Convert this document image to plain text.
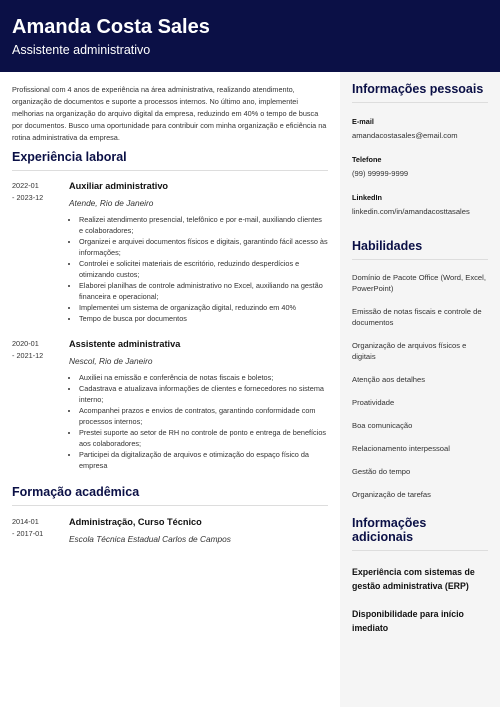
Amanda Costa Sales
Assistente administrativo

Profissional com 4 anos de experiência na área administrativa, realizando atendimento, organização de documentos e suporte a processos internos. No último ano, implementei melhorias na organização do arquivo digital da empresa, reduzindo em 40% o tempo de busca por documentos. Busco uma oportunidade para contribuir com minha organização e eficiência na rotina administrativa da empresa.

Experiência laboral
2022-01
- 2023-12
Auxiliar administrativo
Atende, Rio de Janeiro
• Realizei atendimento presencial, telefônico e por e-mail, auxiliando clientes e colaboradores;
• Organizei e arquivei documentos físicos e digitais, garantindo fácil acesso às informações;
• Controlei e solicitei materiais de escritório, reduzindo desperdícios e otimizando custos;
• Elaborei planilhas de controle administrativo no Excel, auxiliando na gestão financeira e operacional;
• Implementei um sistema de organização digital, reduzindo em 40%
• Tempo de busca por documentos
2020-01
- 2021-12
Assistente administrativa
Nescol, Rio de Janeiro
• Auxiliei na emissão e conferência de notas fiscais e boletos;
• Cadastrava e atualizava informações de clientes e fornecedores no sistema interno;
• Acompanhei prazos e envios de contratos, garantindo conformidade com processos internos;
• Prestei suporte ao setor de RH no controle de ponto e entrega de benefícios aos colaboradores;
• Participei da digitalização de arquivos e otimização do espaço físico da empresa
Formação acadêmica
2014-01
- 2017-01
Administração, Curso Técnico
Escola Técnica Estadual Carlos de Campos
Informações pessoais
E-mail
amandacostasales@email.com
Telefone
(99) 99999-9999
LinkedIn
linkedin.com/in/amandacosttasales
Habilidades
Domínio de Pacote Office (Word, Excel, PowerPoint)
Emissão de notas fiscais e controle de documentos
Organização de arquivos físicos e digitais
Atenção aos detalhes
Proatividade
Boa comunicação
Relacionamento interpessoal
Gestão do tempo
Organização de tarefas
Informações adicionais
Experiência com sistemas de gestão administrativa (ERP)
Disponibilidade para início imediato
